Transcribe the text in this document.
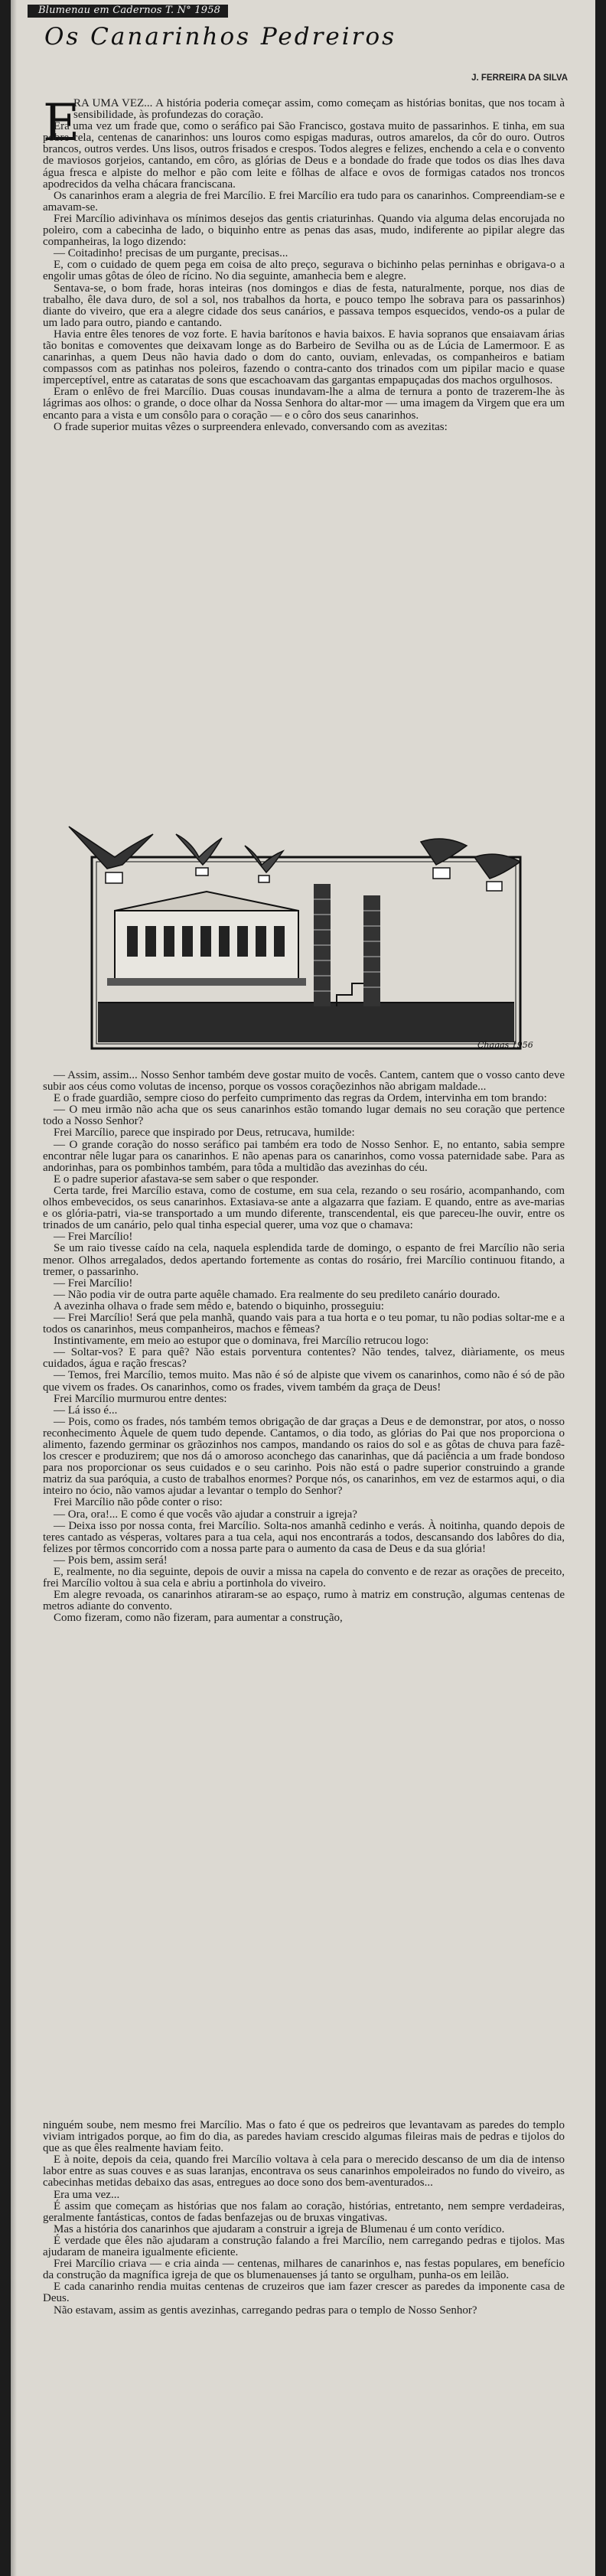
Blumenau em Cadernos T. N° 1958
Os Canarinhos Pedreiros
J. FERREIRA DA SILVA
E

RA UMA VEZ... A história poderia começar assim, como começam as histórias bonitas, que nos tocam à sensibilidade, às profundezas do coração.

Era uma vez um frade que, como o seráfico pai São Francisco, gostava muito de passarinhos. E tinha, em sua pobre cela, centenas de canarinhos: uns louros como espigas maduras, outros amarelos, da côr do ouro. Outros brancos, outros verdes. Uns lisos, outros frisados e crespos. Todos alegres e felizes, enchendo a cela e o convento de maviosos gorjeios, cantando, em côro, as glórias de Deus e a bondade do frade que todos os dias lhes dava água fresca e alpiste do melhor e pão com leite e fôlhas de alface e ovos de formigas catados nos troncos apodrecidos da velha chácara franciscana.

Os canarinhos eram a alegria de frei Marcílio. E frei Marcílio era tudo para os canarinhos. Compreendiam-se e amavam-se.

Frei Marcílio adivinhava os mínimos desejos das gentis criaturinhas. Quando via alguma delas encorujada no poleiro, com a cabecinha de lado, o biquinho entre as penas das asas, mudo, indiferente ao pipilar alegre das companheiras, la logo dizendo:

— Coitadinho! precisas de um purgante, precisas...

E, com o cuidado de quem pega em coisa de alto preço, segurava o bichinho pelas perninhas e obrigava-o a engolir umas gôtas de óleo de rícino. No dia seguinte, amanhecia bem e alegre.

Sentava-se, o bom frade, horas inteiras (nos domingos e dias de festa, naturalmente, porque, nos dias de trabalho, êle dava duro, de sol a sol, nos trabalhos da horta, e pouco tempo lhe sobrava para os passarinhos) diante do viveiro, que era a alegre cidade dos seus canários, e passava tempos esquecidos, vendo-os a pular de um lado para outro, piando e cantando.

Havia entre êles tenores de voz forte. E havia barítonos e havia baixos. E havia sopranos que ensaiavam árias tão bonitas e comoventes que deixavam longe as do Barbeiro de Sevilha ou as de Lúcia de Lamermoor. E as canarinhas, a quem Deus não havia dado o dom do canto, ouviam, enlevadas, os companheiros e batiam compassos com as patinhas nos poleiros, fazendo o contra-canto dos trinados com um pipilar macio e quase imperceptível, entre as cataratas de sons que escachoavam das gargantas empapuçadas dos machos orgulhosos.

Eram o enlêvo de frei Marcílio. Duas cousas inundavam-lhe a alma de ternura a ponto de trazerem-lhe às lágrimas aos olhos: o grande, o doce olhar da Nossa Senhora do altar-mor — uma imagem da Virgem que era um encanto para a vista e um consôlo para o coração — e o côro dos seus canarinhos.

O frade superior muitas vêzes o surpreendera enlevado, conversando com as avezitas:

Chagas 1956

— Assim, assim... Nosso Senhor também deve gostar muito de vocês. Cantem, cantem que o vosso canto deve subir aos céus como volutas de incenso, porque os vossos coraçõezinhos não abrigam maldade...

E o frade guardião, sempre cioso do perfeito cumprimento das regras da Ordem, intervinha em tom brando:

— O meu irmão não acha que os seus canarinhos estão tomando lugar demais no seu coração que pertence todo a Nosso Senhor?

Frei Marcílio, parece que inspirado por Deus, retrucava, humilde:

— O grande coração do nosso seráfico pai também era todo de Nosso Senhor. E, no entanto, sabia sempre encontrar nêle lugar para os canarinhos. E não apenas para os canarinhos, como vossa paternidade sabe. Para as andorinhas, para os pombinhos também, para tôda a multidão das avezinhas do céu.

E o padre superior afastava-se sem saber o que responder.

Certa tarde, frei Marcílio estava, como de costume, em sua cela, rezando o seu rosário, acompanhando, com olhos embevecidos, os seus canarinhos. Extasiava-se ante a algazarra que faziam. E quando, entre as ave-marias e os glória-patri, via-se transportado a um mundo diferente, transcendental, eis que pareceu-lhe ouvir, entre os trinados de um canário, pelo qual tinha especial querer, uma voz que o chamava:

— Frei Marcílio!

Se um raio tivesse caído na cela, naquela esplendida tarde de domingo, o espanto de frei Marcílio não seria menor. Olhos arregalados, dedos apertando fortemente as contas do rosário, frei Marcílio continuou fitando, a tremer, o passarinho.

— Frei Marcílio!

— Não podia vir de outra parte aquêle chamado. Era realmente do seu predileto canário dourado.

A avezinha olhava o frade sem mêdo e, batendo o biquinho, prosseguiu:

— Frei Marcílio! Será que pela manhã, quando vais para a tua horta e o teu pomar, tu não podias soltar-me e a todos os canarinhos, meus companheiros, machos e fêmeas?

Instintivamente, em meio ao estupor que o dominava, frei Marcílio retrucou logo:

— Soltar-vos? E para quê? Não estais porventura contentes? Não tendes, talvez, diàriamente, os meus cuidados, água e ração frescas?

— Temos, frei Marcílio, temos muito. Mas não é só de alpiste que vivem os canarinhos, como não é só de pão que vivem os frades. Os canarinhos, como os frades, vivem também da graça de Deus!

Frei Marcílio murmurou entre dentes:

— Lá isso é...

— Pois, como os frades, nós também temos obrigação de dar graças a Deus e de demonstrar, por atos, o nosso reconhecimento Àquele de quem tudo depende. Cantamos, o dia todo, as glórias do Pai que nos proporciona o alimento, fazendo germinar os grãozinhos nos campos, mandando os raios do sol e as gôtas de chuva para fazê-los crescer e produzirem; que nos dá o amoroso aconchego das canarinhas, que dá paciência a um frade bondoso para nos proporcionar os seus cuidados e o seu carinho. Pois não está o padre superior construindo a grande matriz da sua paróquia, a custo de trabalhos enormes? Porque nós, os canarinhos, em vez de estarmos aqui, o dia inteiro no ócio, não vamos ajudar a levantar o templo do Senhor?

Frei Marcílio não pôde conter o riso:

— Ora, ora!... E como é que vocês vão ajudar a construir a igreja?

— Deixa isso por nossa conta, frei Marcílio. Solta-nos amanhã cedinho e verás. À noitinha, quando depois de teres cantado as vésperas, voltares para a tua cela, aqui nos encontrarás a todos, descansando dos labôres do dia, felizes por têrmos concorrido com a nossa parte para o aumento da casa de Deus e da sua glória!

— Pois bem, assim será!

E, realmente, no dia seguinte, depois de ouvir a missa na capela do convento e de rezar as orações de preceito, frei Marcílio voltou à sua cela e abriu a portinhola do viveiro.

Em alegre revoada, os canarinhos atiraram-se ao espaço, rumo à matriz em construção, algumas centenas de metros adiante do convento.

Como fizeram, como não fizeram, para aumentar a construção,

ninguém soube, nem mesmo frei Marcílio. Mas o fato é que os pedreiros que levantavam as paredes do templo viviam intrigados porque, ao fim do dia, as paredes haviam crescido algumas fileiras mais de pedras e tijolos do que as que êles realmente haviam feito.

E à noite, depois da ceia, quando frei Marcílio voltava à cela para o merecido descanso de um dia de intenso labor entre as suas couves e as suas laranjas, encontrava os seus canarinhos empoleirados no fundo do viveiro, as cabecinhas metidas debaixo das asas, entregues ao doce sono dos bem-aventurados...

Era uma vez...

É assim que começam as histórias que nos falam ao coração, histórias, entretanto, nem sempre verdadeiras, geralmente fantásticas, contos de fadas benfazejas ou de bruxas vingativas.

Mas a história dos canarinhos que ajudaram a construir a igreja de Blumenau é um conto verídico.

É verdade que êles não ajudaram a construção falando a frei Marcílio, nem carregando pedras e tijolos. Mas ajudaram de maneira igualmente eficiente.

Frei Marcílio criava — e cria ainda — centenas, milhares de canarinhos e, nas festas populares, em benefício da construção da magnífica igreja de que os blumenauenses já tanto se orgulham, punha-os em leilão.

E cada canarinho rendia muitas centenas de cruzeiros que iam fazer crescer as paredes da imponente casa de Deus.

Não estavam, assim as gentis avezinhas, carregando pedras para o templo de Nosso Senhor?
